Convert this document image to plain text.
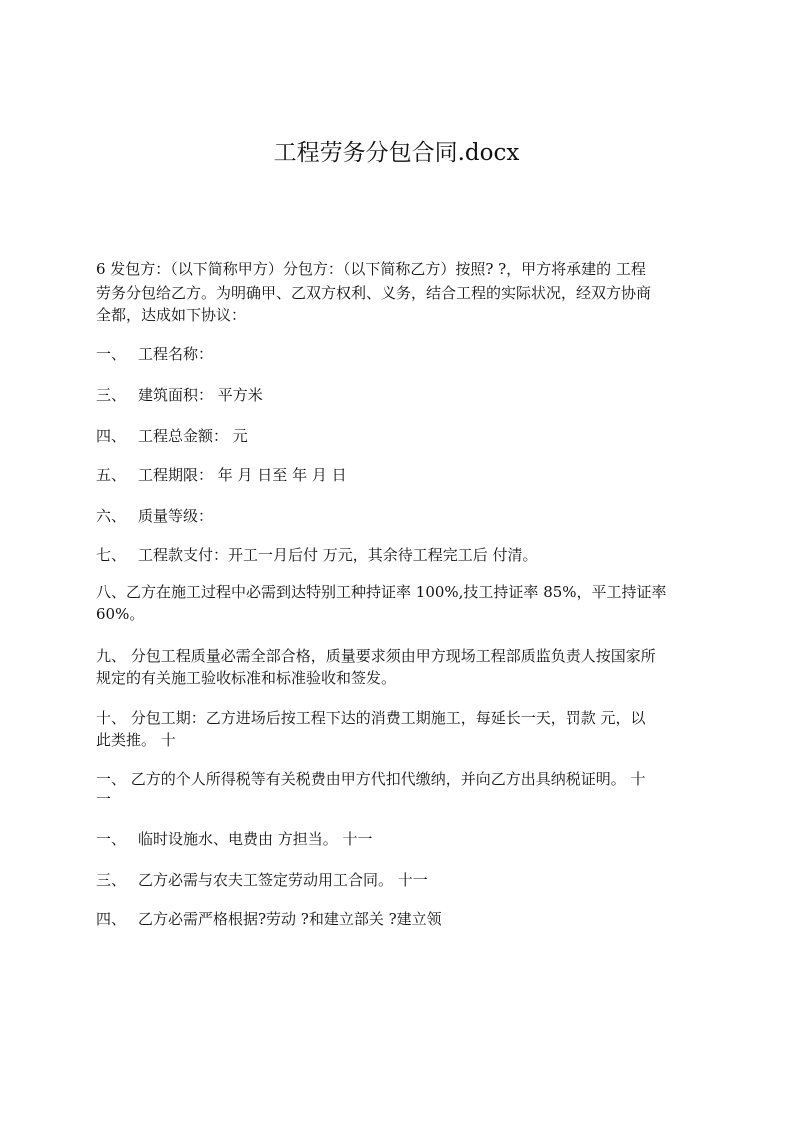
工程劳务分包合同.docx
6 发包方：（以下简称甲方）分包方：（以下简称乙方）按照? ?，甲方将承建的 工程
劳务分包给乙方。为明确甲、乙双方权利、义务，结合工程的实际状况，经双方协商
全都，达成如下协议：
一、 工程名称：
三、 建筑面积： 平方米
四、 工程总金额： 元
五、 工程期限： 年 月 日至 年 月 日
六、 质量等级：
七、 工程款支付：开工一月后付 万元，其余待工程完工后 付清。
八、乙方在施工过程中必需到达特别工种持证率 100%,技工持证率 85%，平工持证率
60%。
九、 分包工程质量必需全部合格，质量要求须由甲方现场工程部质监负责人按国家所
规定的有关施工验收标准和标准验收和签发。
十、 分包工期：乙方进场后按工程下达的消费工期施工，每延长一天，罚款 元，以
此类推。 十
一、 乙方的个人所得税等有关税费由甲方代扣代缴纳，并向乙方出具纳税证明。 十
一
一、 临时设施水、电费由 方担当。 十一
三、 乙方必需与农夫工签定劳动用工合同。 十一
四、 乙方必需严格根据?劳动 ?和建立部关 ?建立领
